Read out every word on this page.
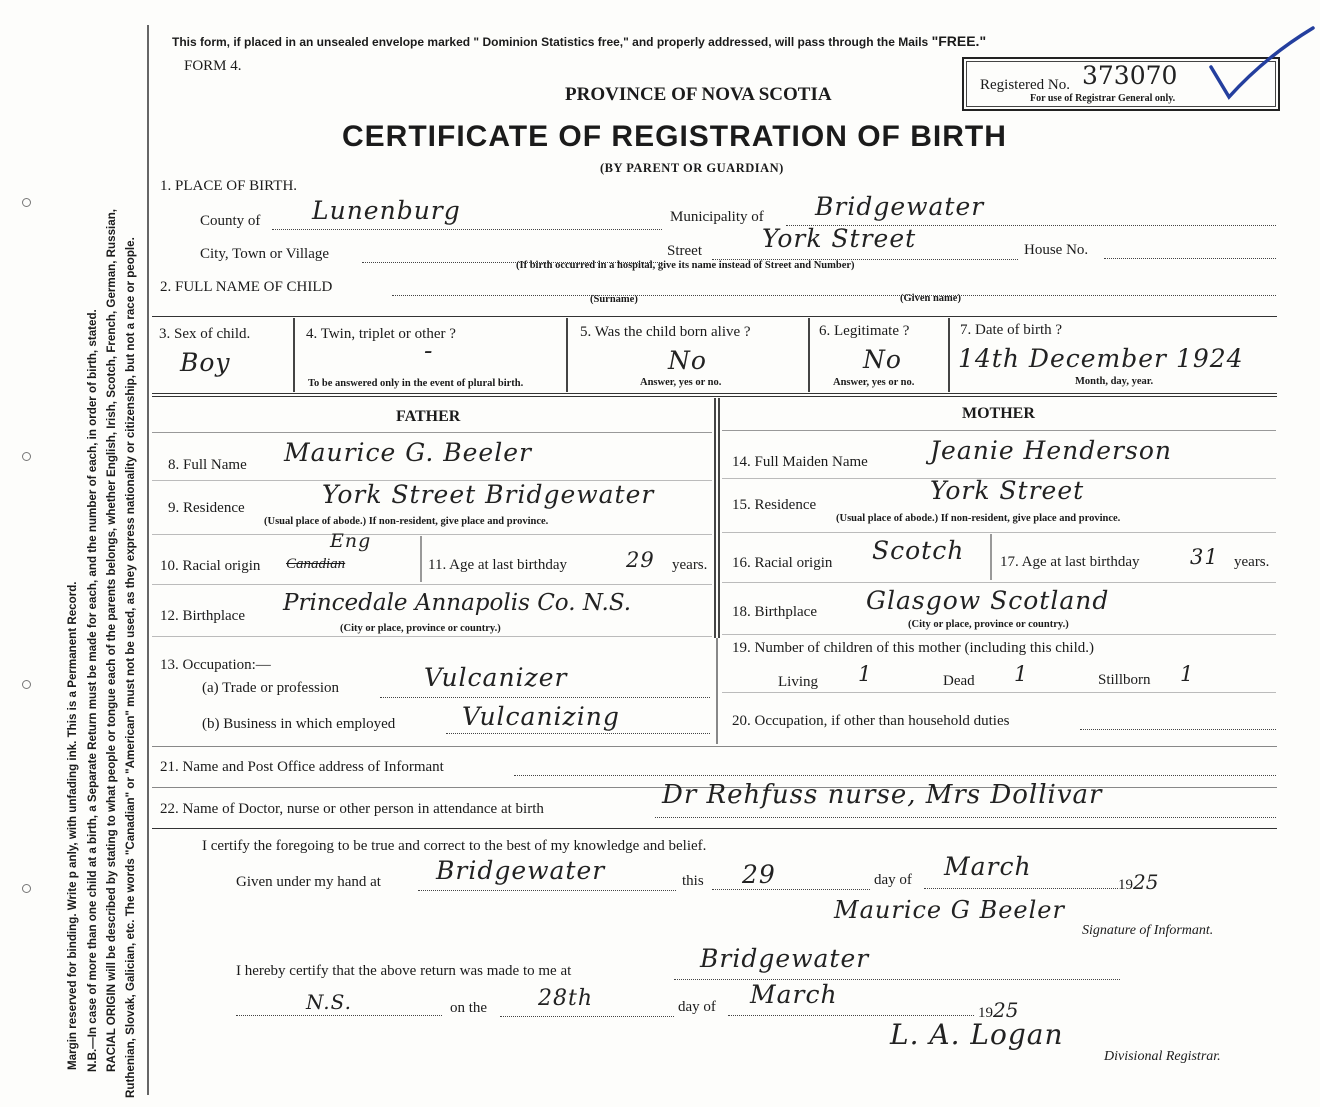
Margin reserved for binding. Write p anly, with unfading ink. This is a Permanent Record. N.B.—In case of more than one child at a birth, a Separate Return must be made for each, and the number of each, in order of birth, stated. RACIAL ORIGIN will be described by stating to what people or tongue each of the parents belongs, whether English, Irish, Scotch, French, German, Russian, Ruthenian, Slovak, Galician, etc. The words "Canadian" or "American" must not be used, as they express nationality or citizenship, but not a race or people.
This form, if placed in an unsealed envelope marked " Dominion Statistics free," and properly addressed, will pass through the Mails "FREE."
FORM 4.
PROVINCE OF NOVA SCOTIA
CERTIFICATE OF REGISTRATION OF BIRTH
(BY PARENT OR GUARDIAN)
Registered No. 373070
For use of Registrar General only.
1. PLACE OF BIRTH.
County of Lunenburg	Municipality of Bridgewater
City, Town or Village	Street York Street	House No.
(If birth occurred in a hospital, give its name instead of Street and Number)
2. FULL NAME OF CHILD
(Surname)	(Given name)
3. Sex of child.
Boy
4. Twin, triplet or other ?
-
To be answered only in the event of plural birth.
5. Was the child born alive ?
No
Answer, yes or no.
6. Legitimate ?
No
Answer, yes or no.
7. Date of birth ?
14th December 1924
Month, day, year.
FATHER
8. Full Name Maurice G. Beeler
9. Residence	York Street Bridgewater
(Usual place of abode.) If non-resident, give place and province.
10. Racial origin Canadian
Eng
11. Age at last birthday	29 years.
12. Birthplace Princedale Annapolis Co. N.S.
(City or place, province or country.)
13. Occupation:—
(a) Trade or profession	Vulcanizer
(b) Business in which employed	Vulcanizing
MOTHER
14. Full Maiden Name Jeanie Henderson
15. Residence	York Street
(Usual place of abode.) If non-resident, give place and province.
16. Racial origin Scotch 17. Age at last birthday 31 years.
18. Birthplace Glasgow Scotland
(City or place, province or country.)
19. Number of children of this mother (including this child.)
Living 1	Dead 1	Stillborn 1
20. Occupation, if other than household duties
21. Name and Post Office address of Informant
22. Name of Doctor, nurse or other person in attendance at birth	Dr Rehfuss nurse, Mrs Dollivar
I certify the foregoing to be true and correct to the best of my knowledge and belief.
Given under my hand at Bridgewater	this 29	day of March
1925
Maurice G Beeler
Signature of Informant.
I hereby certify that the above return was made to me at	Bridgewater
N.S.	on the 28th	day of March
1925
L. A. Logan
Divisional Registrar.
